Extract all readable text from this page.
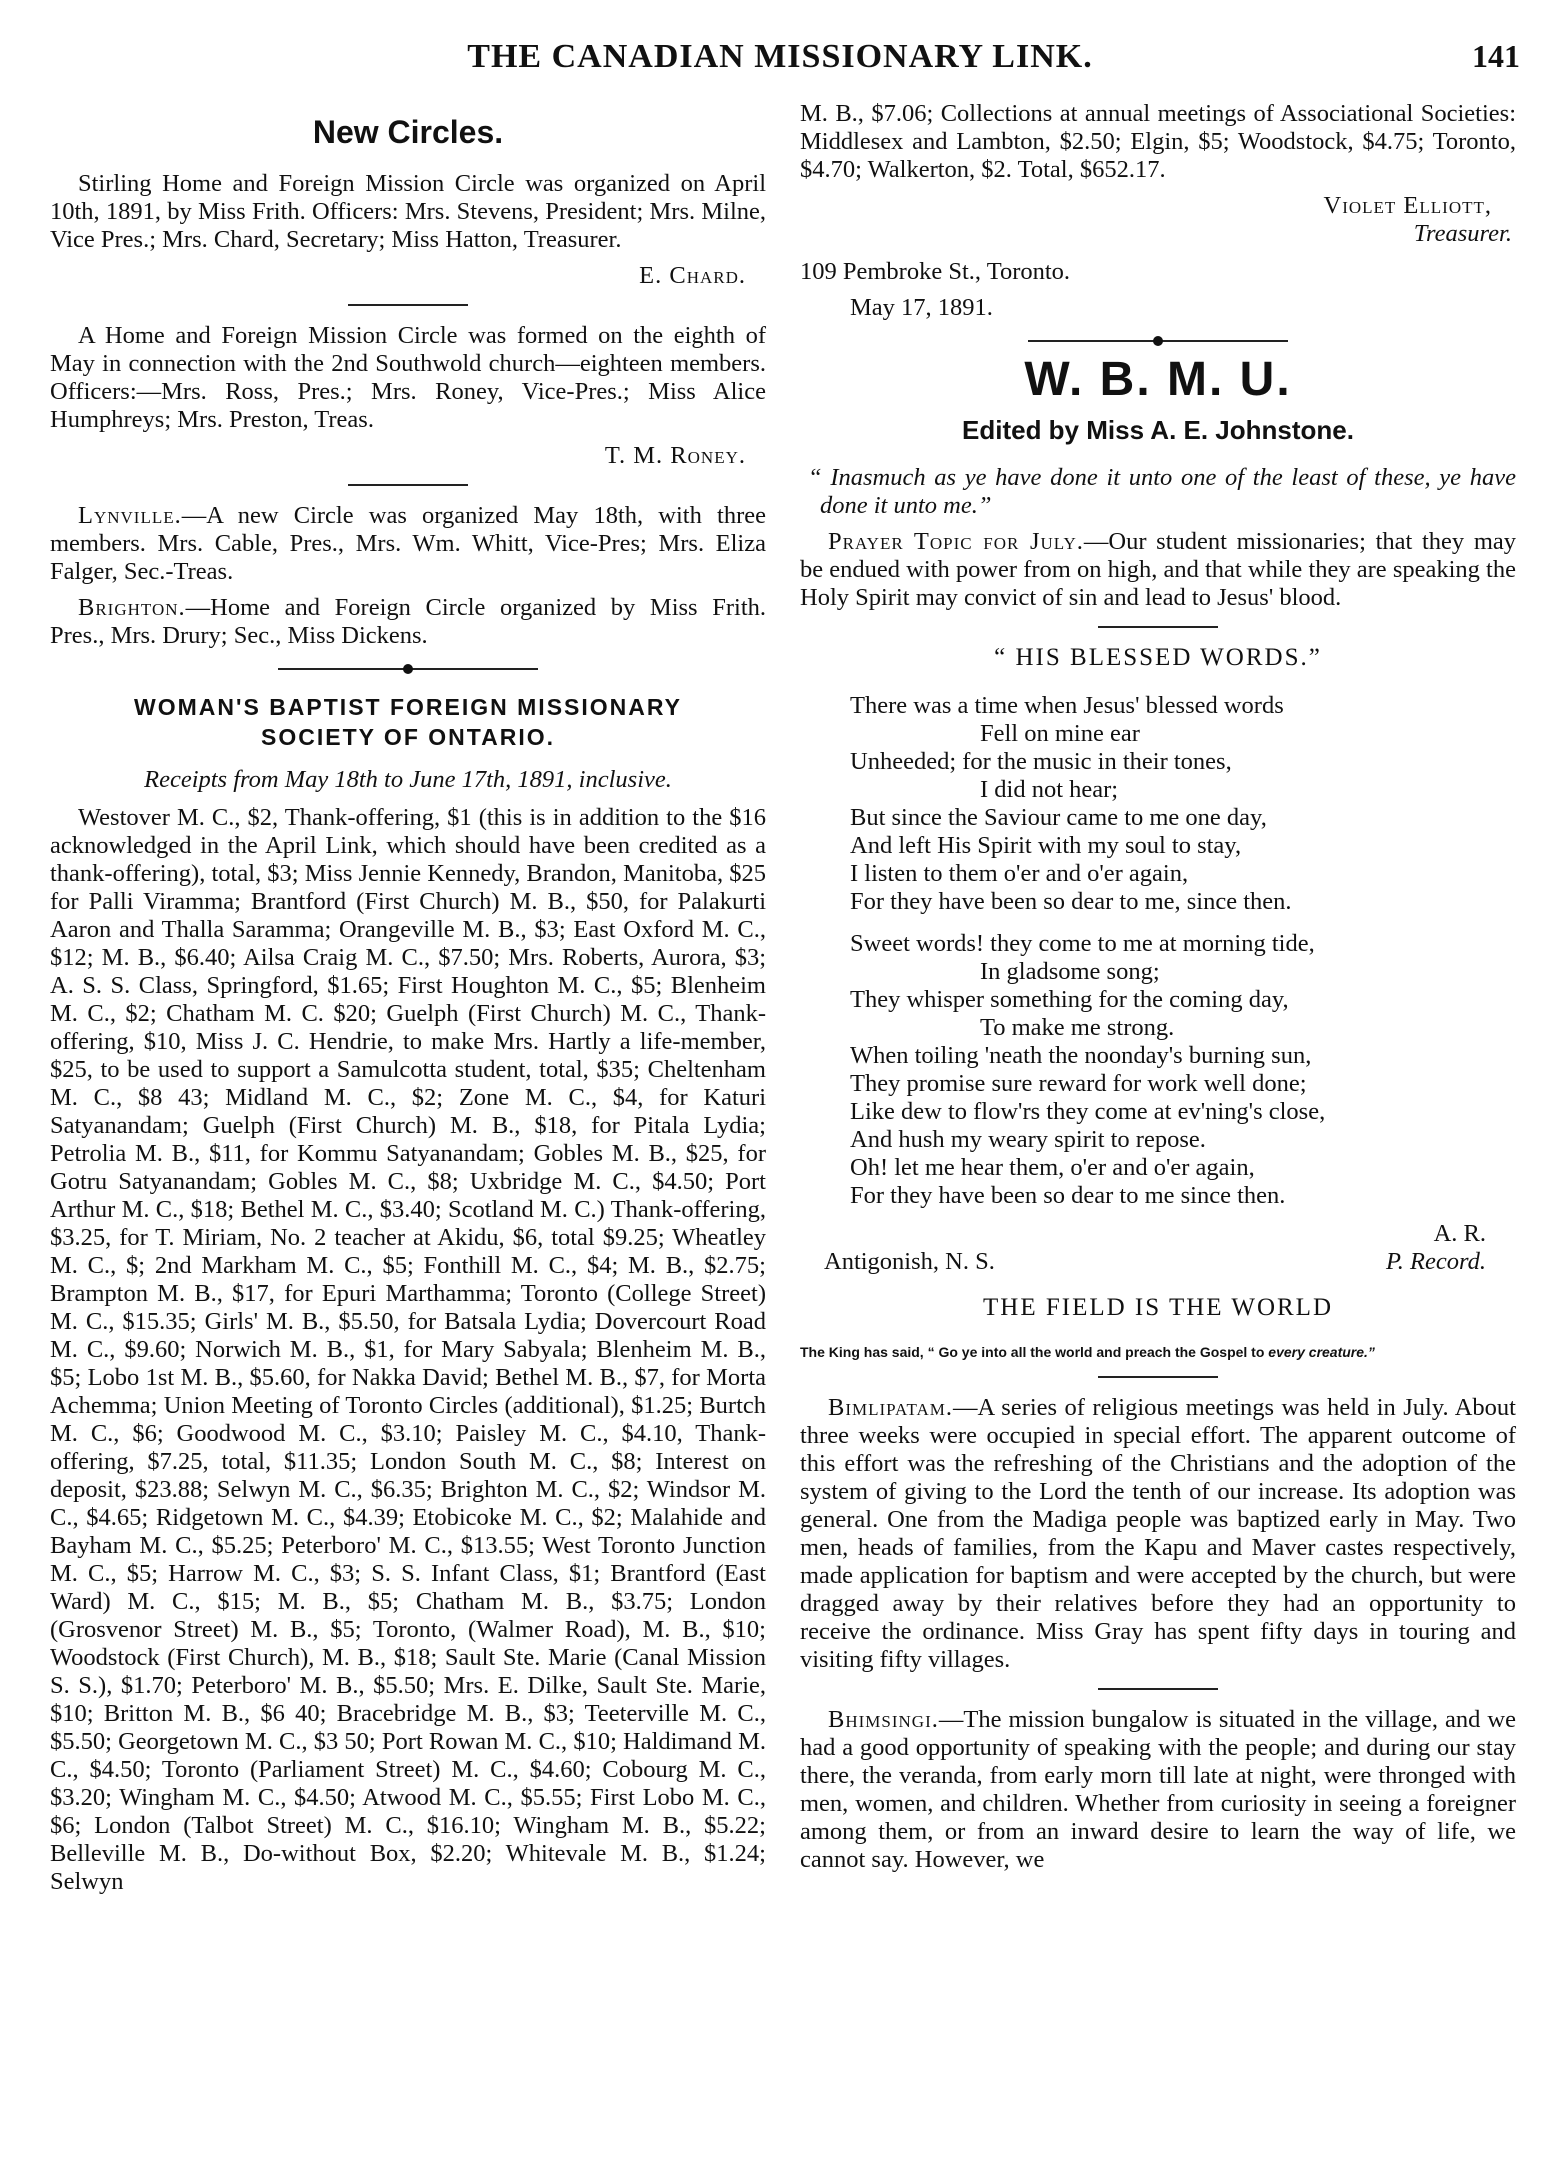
THE CANADIAN MISSIONARY LINK.	141
New Circles.

Stirling Home and Foreign Mission Circle was organized on April 10th, 1891, by Miss Frith. Officers: Mrs. Stevens, President; Mrs. Milne, Vice Pres.; Mrs. Chard, Secretary; Miss Hatton, Treasurer.

E. Chard.

A Home and Foreign Mission Circle was formed on the eighth of May in connection with the 2nd Southwold church—eighteen members. Officers:—Mrs. Ross, Pres.; Mrs. Roney, Vice-Pres.; Miss Alice Humphreys; Mrs. Preston, Treas.

T. M. Roney.

Lynville.—A new Circle was organized May 18th, with three members. Mrs. Cable, Pres., Mrs. Wm. Whitt, Vice-Pres; Mrs. Eliza Falger, Sec.-Treas.

Brighton.—Home and Foreign Circle organized by Miss Frith. Pres., Mrs. Drury; Sec., Miss Dickens.

WOMAN'S BAPTIST FOREIGN MISSIONARY
SOCIETY OF ONTARIO.
Receipts from May 18th to June 17th, 1891, inclusive.

Westover M. C., $2, Thank-offering, $1 (this is in addition to the $16 acknowledged in the April Link, which should have been credited as a thank-offering), total, $3; Miss Jennie Kennedy, Brandon, Manitoba, $25 for Palli Viramma; Brantford (First Church) M. B., $50, for Palakurti Aaron and Thalla Saramma; Orangeville M. B., $3; East Oxford M. C., $12; M. B., $6.40; Ailsa Craig M. C., $7.50; Mrs. Roberts, Aurora, $3; A. S. S. Class, Springford, $1.65; First Houghton M. C., $5; Blenheim M. C., $2; Chatham M. C. $20; Guelph (First Church) M. C., Thank-offering, $10, Miss J. C. Hendrie, to make Mrs. Hartly a life-member, $25, to be used to support a Samulcotta student, total, $35; Cheltenham M. C., $8 43; Midland M. C., $2; Zone M. C., $4, for Katuri Satyanandam; Guelph (First Church) M. B., $18, for Pitala Lydia; Petrolia M. B., $11, for Kommu Satyanandam; Gobles M. B., $25, for Gotru Satyanandam; Gobles M. C., $8; Uxbridge M. C., $4.50; Port Arthur M. C., $18; Bethel M. C., $3.40; Scotland M. C.) Thank-offering, $3.25, for T. Miriam, No. 2 teacher at Akidu, $6, total $9.25; Wheatley M. C., $; 2nd Markham M. C., $5; Fonthill M. C., $4; M. B., $2.75; Brampton M. B., $17, for Epuri Marthamma; Toronto (College Street) M. C., $15.35; Girls' M. B., $5.50, for Batsala Lydia; Dovercourt Road M. C., $9.60; Norwich M. B., $1, for Mary Sabyala; Blenheim M. B., $5; Lobo 1st M. B., $5.60, for Nakka David; Bethel M. B., $7, for Morta Achemma; Union Meeting of Toronto Circles (additional), $1.25; Burtch M. C., $6; Goodwood M. C., $3.10; Paisley M. C., $4.10, Thank-offering, $7.25, total, $11.35; London South M. C., $8; Interest on deposit, $23.88; Selwyn M. C., $6.35; Brighton M. C., $2; Windsor M. C., $4.65; Ridgetown M. C., $4.39; Etobicoke M. C., $2; Malahide and Bayham M. C., $5.25; Peterboro' M. C., $13.55; West Toronto Junction M. C., $5; Harrow M. C., $3; S. S. Infant Class, $1; Brantford (East Ward) M. C., $15; M. B., $5; Chatham M. B., $3.75; London (Grosvenor Street) M. B., $5; Toronto, (Walmer Road), M. B., $10; Woodstock (First Church), M. B., $18; Sault Ste. Marie (Canal Mission S. S.), $1.70; Peterboro' M. B., $5.50; Mrs. E. Dilke, Sault Ste. Marie, $10; Britton M. B., $6 40; Bracebridge M. B., $3; Teeterville M. C., $5.50; Georgetown M. C., $3 50; Port Rowan M. C., $10; Haldimand M. C., $4.50; Toronto (Parliament Street) M. C., $4.60; Cobourg M. C., $3.20; Wingham M. C., $4.50; Atwood M. C., $5.55; First Lobo M. C., $6; London (Talbot Street) M. C., $16.10; Wingham M. B., $5.22; Belleville M. B., Do-without Box, $2.20; Whitevale M. B., $1.24; Selwyn

M. B., $7.06; Collections at annual meetings of Associational Societies: Middlesex and Lambton, $2.50; Elgin, $5; Woodstock, $4.75; Toronto, $4.70; Walkerton, $2. Total, $652.17.

Violet Elliott,
Treasurer.

109 Pembroke St., Toronto.

May 17, 1891.

W. B. M. U.
Edited by Miss A. E. Johnstone.

“ Inasmuch as ye have done it unto one of the least of these, ye have done it unto me.”

Prayer Topic for July.—Our student missionaries; that they may be endued with power from on high, and that while they are speaking the Holy Spirit may convict of sin and lead to Jesus' blood.

“ HIS BLESSED WORDS.”
There was a time when Jesus' blessed words
Fell on mine ear
Unheeded; for the music in their tones,
I did not hear;
But since the Saviour came to me one day,
And left His Spirit with my soul to stay,
I listen to them o'er and o'er again,
For they have been so dear to me, since then.
Sweet words! they come to me at morning tide,
In gladsome song;
They whisper something for the coming day,
To make me strong.
When toiling 'neath the noonday's burning sun,
They promise sure reward for work well done;
Like dew to flow'rs they come at ev'ning's close,
And hush my weary spirit to repose.
Oh! let me hear them, o'er and o'er again,
For they have been so dear to me since then.
A. R.
Antigonish, N. S.	P. Record.
THE FIELD IS THE WORLD

The King has said, “ Go ye into all the world and preach the Gospel to every creature.”

Bimlipatam.—A series of religious meetings was held in July. About three weeks were occupied in special effort. The apparent outcome of this effort was the refreshing of the Christians and the adoption of the system of giving to the Lord the tenth of our increase. Its adoption was general. One from the Madiga people was baptized early in May. Two men, heads of families, from the Kapu and Maver castes respectively, made application for baptism and were accepted by the church, but were dragged away by their relatives before they had an opportunity to receive the ordinance. Miss Gray has spent fifty days in touring and visiting fifty villages.

Bhimsingi.—The mission bungalow is situated in the village, and we had a good opportunity of speaking with the people; and during our stay there, the veranda, from early morn till late at night, were thronged with men, women, and children. Whether from curiosity in seeing a foreigner among them, or from an inward desire to learn the way of life, we cannot say. However, we
